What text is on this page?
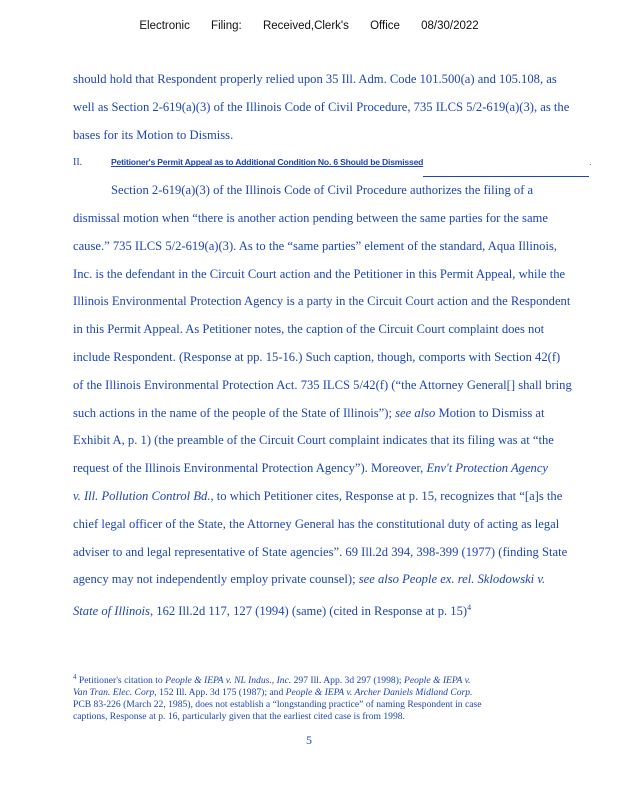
Electronic Filing: Received,Clerk's Office 08/30/2022
should hold that Respondent properly relied upon 35 Ill. Adm. Code 101.500(a) and 105.108, as
well as Section 2-619(a)(3) of the Illinois Code of Civil Procedure, 735 ILCS 5/2-619(a)(3), as the
bases for its Motion to Dismiss.
II.	Petitioner's Permit Appeal as to Additional Condition No. 6 Should be Dismissed	.
Section 2-619(a)(3) of the Illinois Code of Civil Procedure authorizes the filing of a
dismissal motion when “there is another action pending between the same parties for the same
cause.” 735 ILCS 5/2-619(a)(3). As to the “same parties” element of the standard, Aqua Illinois,
Inc. is the defendant in the Circuit Court action and the Petitioner in this Permit Appeal, while the
Illinois Environmental Protection Agency is a party in the Circuit Court action and the Respondent
in this Permit Appeal. As Petitioner notes, the caption of the Circuit Court complaint does not
include Respondent. (Response at pp. 15-16.) Such caption, though, comports with Section 42(f)
of the Illinois Environmental Protection Act. 735 ILCS 5/42(f) (“the Attorney General[] shall bring
such actions in the name of the people of the State of Illinois”); see also Motion to Dismiss at
Exhibit A, p. 1) (the preamble of the Circuit Court complaint indicates that its filing was at “the
request of the Illinois Environmental Protection Agency”). Moreover, Env't Protection Agency
v. Ill. Pollution Control Bd., to which Petitioner cites, Response at p. 15, recognizes that “[a]s the
chief legal officer of the State, the Attorney General has the constitutional duty of acting as legal
adviser to and legal representative of State agencies”. 69 Ill.2d 394, 398-399 (1977) (finding State
agency may not independently employ private counsel); see also People ex. rel. Sklodowski v.
State of Illinois, 162 Ill.2d 117, 127 (1994) (same) (cited in Response at p. 15)$^4$
$^4$ Petitioner's citation to People & IEPA v. NL Indus., Inc. 297 Ill. App. 3d 297 (1998); People & IEPA v.
Van Tran. Elec. Corp, 152 Ill. App. 3d 175 (1987); and People & IEPA v. Archer Daniels Midland Corp.
PCB 83-226 (March 22, 1985), does not establish a “longstanding practice” of naming Respondent in case
captions, Response at p. 16, particularly given that the earliest cited case is from 1998.
5
